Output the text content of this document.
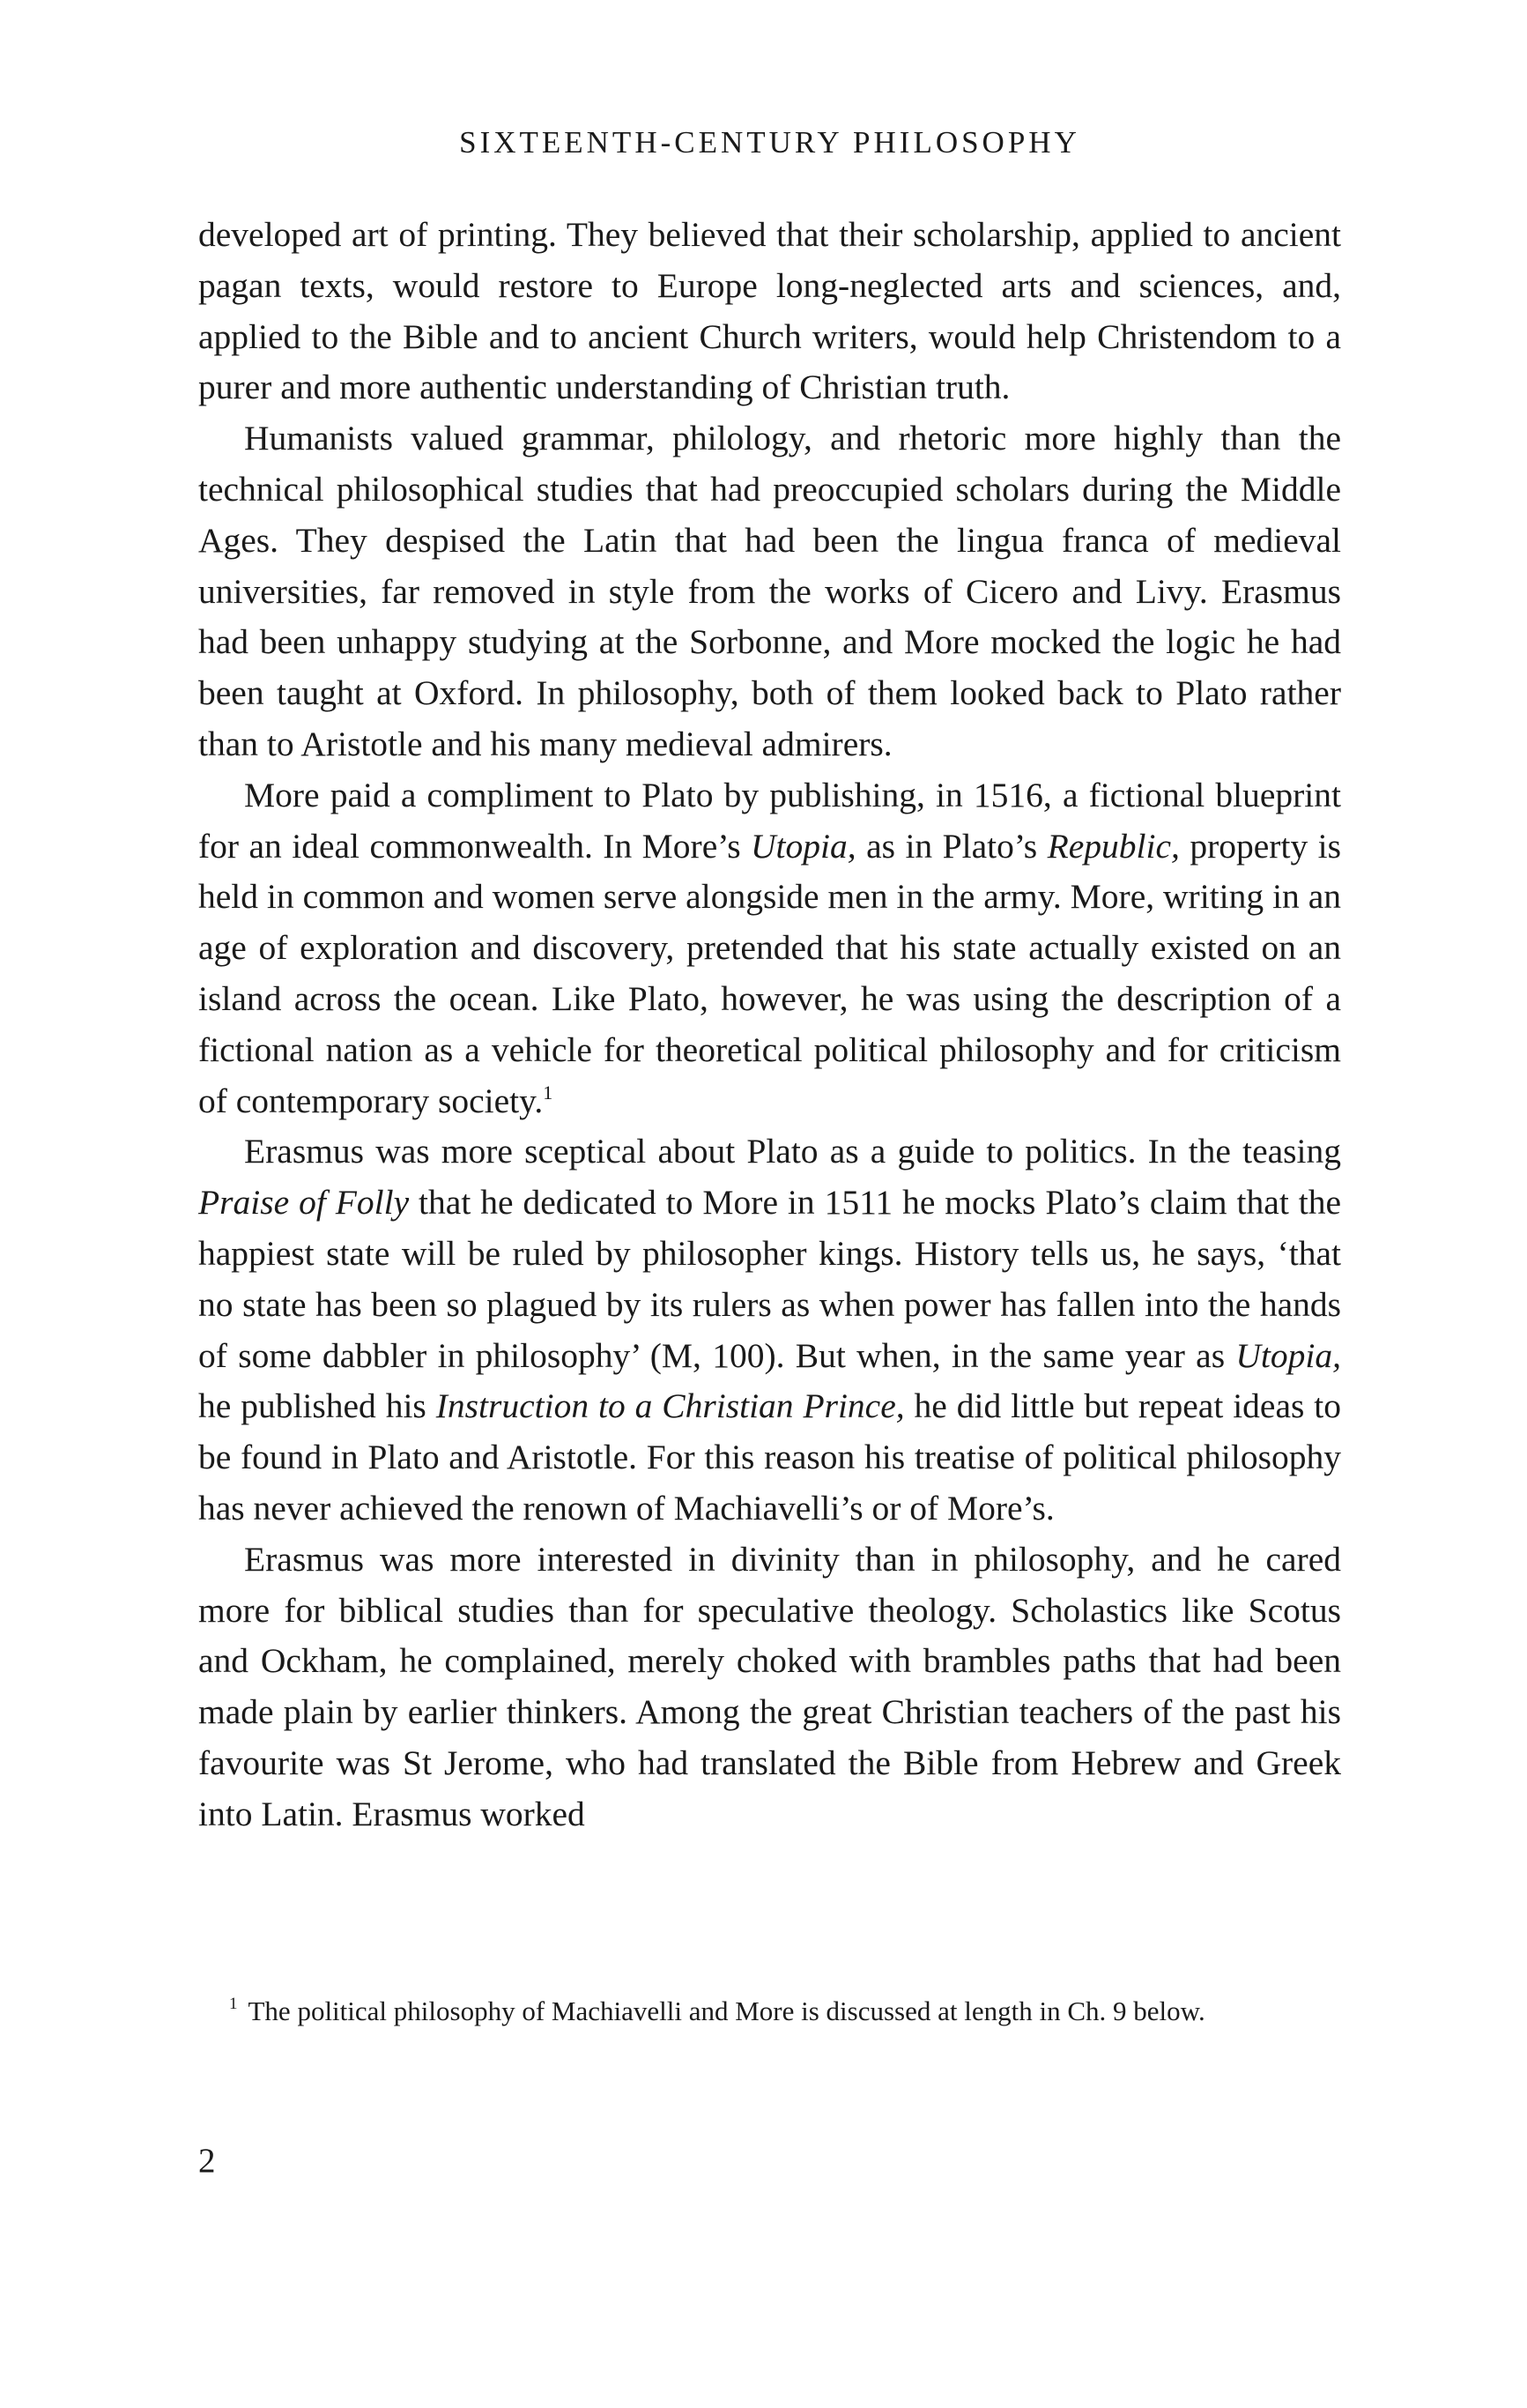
SIXTEENTH-CENTURY PHILOSOPHY

developed art of printing. They believed that their scholarship, applied to ancient pagan texts, would restore to Europe long-neglected arts and sciences, and, applied to the Bible and to ancient Church writers, would help Christendom to a purer and more authentic understanding of Christian truth.

Humanists valued grammar, philology, and rhetoric more highly than the technical philosophical studies that had preoccupied scholars during the Middle Ages. They despised the Latin that had been the lingua franca of medieval universities, far removed in style from the works of Cicero and Livy. Erasmus had been unhappy studying at the Sorbonne, and More mocked the logic he had been taught at Oxford. In philosophy, both of them looked back to Plato rather than to Aristotle and his many medieval admirers.

More paid a compliment to Plato by publishing, in 1516, a fictional blueprint for an ideal commonwealth. In More’s Utopia, as in Plato’s Republic, property is held in common and women serve alongside men in the army. More, writing in an age of exploration and discovery, pretended that his state actually existed on an island across the ocean. Like Plato, however, he was using the description of a fictional nation as a vehicle for theoretical political philosophy and for criticism of contemporary society.$^1$

Erasmus was more sceptical about Plato as a guide to politics. In the teasing Praise of Folly that he dedicated to More in 1511 he mocks Plato’s claim that the happiest state will be ruled by philosopher kings. History tells us, he says, ‘that no state has been so plagued by its rulers as when power has fallen into the hands of some dabbler in philosophy’ (M, 100). But when, in the same year as Utopia, he published his Instruction to a Christian Prince, he did little but repeat ideas to be found in Plato and Aristotle. For this reason his treatise of political philosophy has never achieved the renown of Machiavelli’s or of More’s.

Erasmus was more interested in divinity than in philosophy, and he cared more for biblical studies than for speculative theology. Scholastics like Scotus and Ockham, he complained, merely choked with brambles paths that had been made plain by earlier thinkers. Among the great Christian teachers of the past his favourite was St Jerome, who had translated the Bible from Hebrew and Greek into Latin. Erasmus worked

$^1$ The political philosophy of Machiavelli and More is discussed at length in Ch. 9 below.
2
